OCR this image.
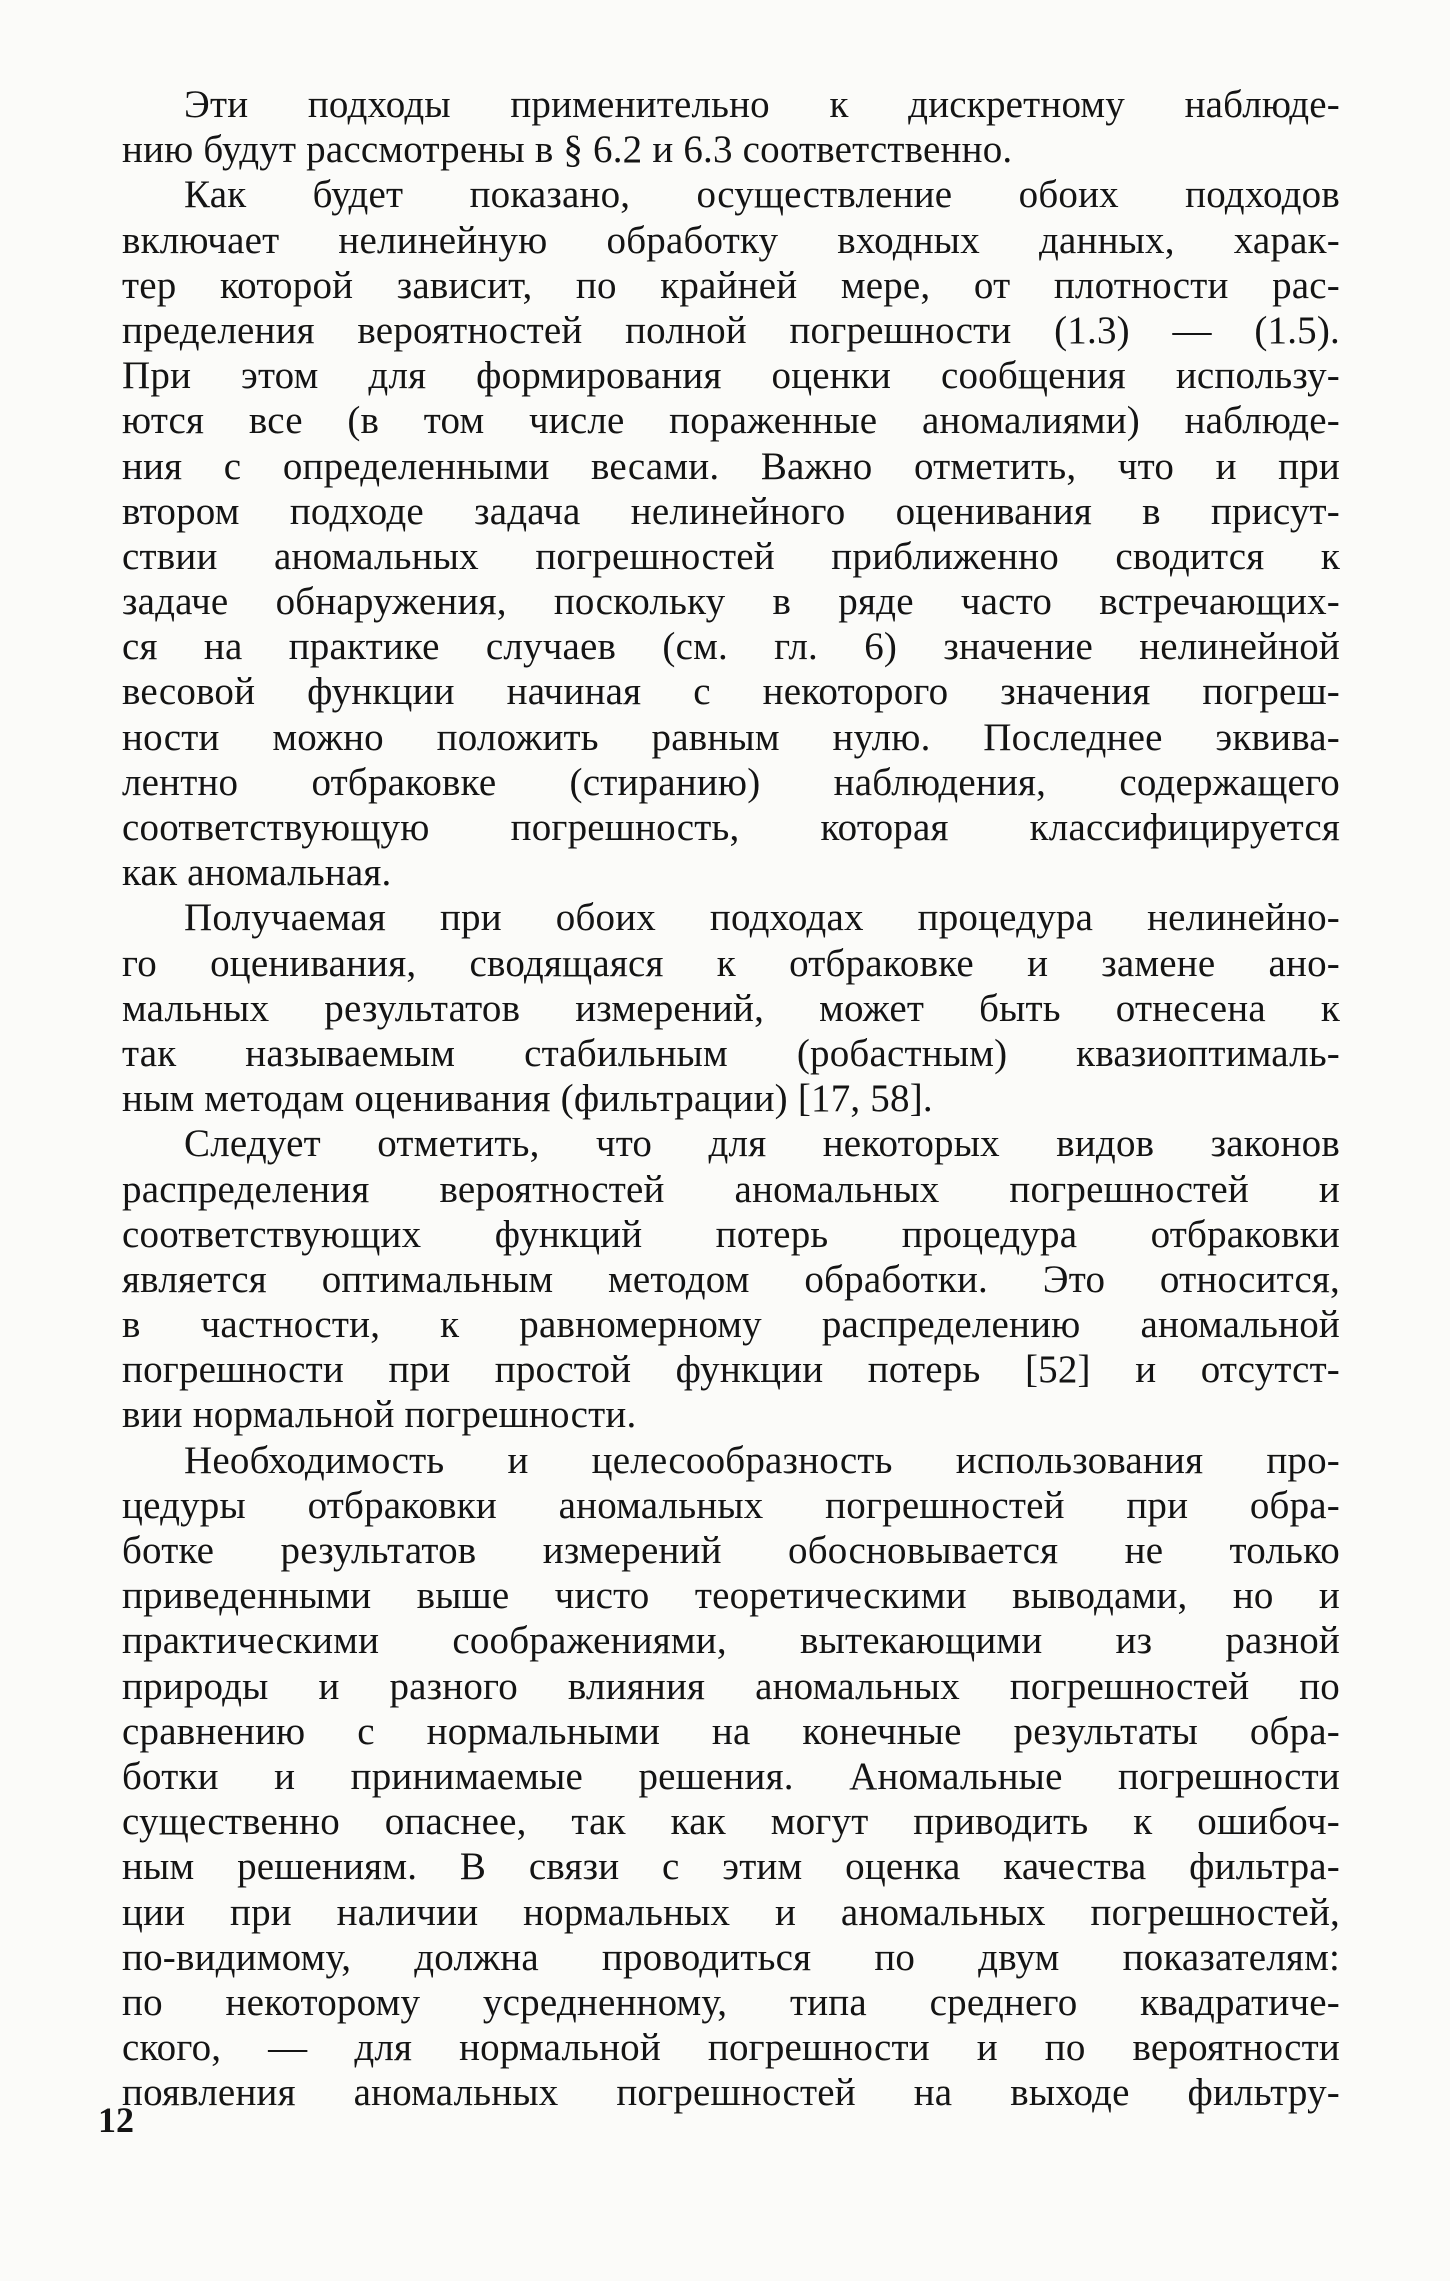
Эти подходы применительно к дискретному наблюде-
нию будут рассмотрены в § 6.2 и 6.3 соответственно.
Как будет показано, осуществление обоих подходов
включает нелинейную обработку входных данных, харак-
тер которой зависит, по крайней мере, от плотности рас-
пределения вероятностей полной погрешности (1.3) — (1.5).
При этом для формирования оценки сообщения использу-
ются все (в том числе пораженные аномалиями) наблюде-
ния с определенными весами. Важно отметить, что и при
втором подходе задача нелинейного оценивания в присут-
ствии аномальных погрешностей приближенно сводится к
задаче обнаружения, поскольку в ряде часто встречающих-
ся на практике случаев (см. гл. 6) значение нелинейной
весовой функции начиная с некоторого значения погреш-
ности можно положить равным нулю. Последнее эквива-
лентно отбраковке (стиранию) наблюдения, содержащего
соответствующую погрешность, которая классифицируется
как аномальная.
Получаемая при обоих подходах процедура нелинейно-
го оценивания, сводящаяся к отбраковке и замене ано-
мальных результатов измерений, может быть отнесена к
так называемым стабильным (робастным) квазиоптималь-
ным методам оценивания (фильтрации) [17, 58].
Следует отметить, что для некоторых видов законов
распределения вероятностей аномальных погрешностей и
соответствующих функций потерь процедура отбраковки
является оптимальным методом обработки. Это относится,
в частности, к равномерному распределению аномальной
погрешности при простой функции потерь [52] и отсутст-
вии нормальной погрешности.
Необходимость и целесообразность использования про-
цедуры отбраковки аномальных погрешностей при обра-
ботке результатов измерений обосновывается не только
приведенными выше чисто теоретическими выводами, но и
практическими соображениями, вытекающими из разной
природы и разного влияния аномальных погрешностей по
сравнению с нормальными на конечные результаты обра-
ботки и принимаемые решения. Аномальные погрешности
существенно опаснее, так как могут приводить к ошибоч-
ным решениям. В связи с этим оценка качества фильтра-
ции при наличии нормальных и аномальных погрешностей,
по-видимому, должна проводиться по двум показателям:
по некоторому усредненному, типа среднего квадратиче-
ского, — для нормальной погрешности и по вероятности
появления аномальных погрешностей на выходе фильтру-
12
